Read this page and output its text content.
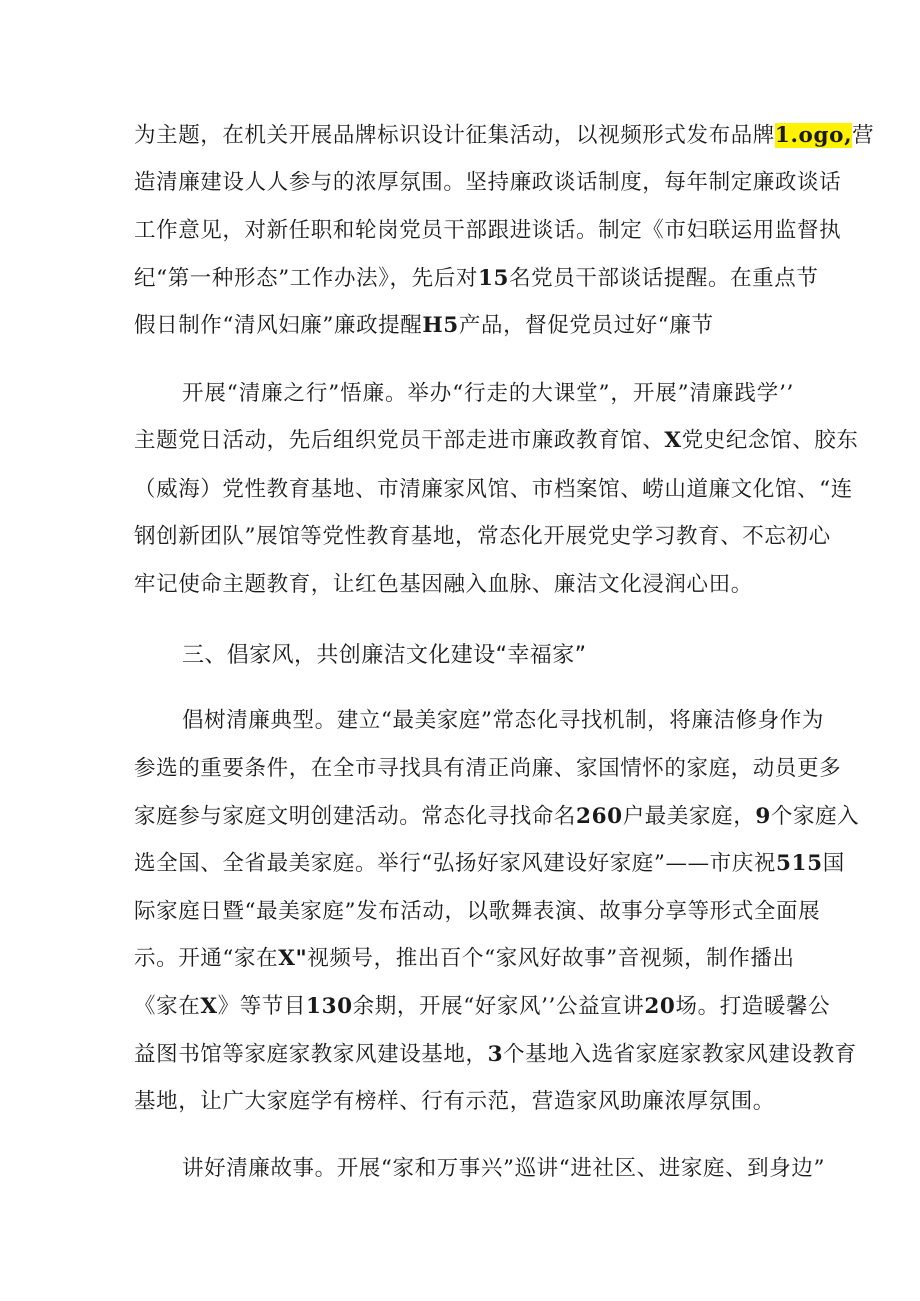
为主题，在机关开展品牌标识设计征集活动，以视频形式发布品牌1.ogo,营
造清廉建设人人参与的浓厚氛围。坚持廉政谈话制度，每年制定廉政谈话
工作意见，对新任职和轮岗党员干部跟进谈话。制定《市妇联运用监督执
纪“第一种形态”工作办法》，先后对15名党员干部谈话提醒。在重点节
假日制作“清风妇廉”廉政提醒H5产品，督促党员过好“廉节
开展“清廉之行”悟廉。举办“行走的大课堂”，开展”清廉践学’’
主题党日活动，先后组织党员干部走进市廉政教育馆、X党史纪念馆、胶东
（威海）党性教育基地、市清廉家风馆、市档案馆、崂山道廉文化馆、“连
钢创新团队”展馆等党性教育基地，常态化开展党史学习教育、不忘初心
牢记使命主题教育，让红色基因融入血脉、廉洁文化浸润心田。
三、倡家风，共创廉洁文化建设“幸福家”
倡树清廉典型。建立“最美家庭”常态化寻找机制，将廉洁修身作为
参选的重要条件，在全市寻找具有清正尚廉、家国情怀的家庭，动员更多
家庭参与家庭文明创建活动。常态化寻找命名260户最美家庭，9个家庭入
选全国、全省最美家庭。举行“弘扬好家风建设好家庭”——市庆祝515国
际家庭日暨“最美家庭”发布活动，以歌舞表演、故事分享等形式全面展
示。开通“家在X"视频号，推出百个“家风好故事”音视频，制作播出
《家在X》等节目130余期，开展“好家风’’公益宣讲20场。打造暖馨公
益图书馆等家庭家教家风建设基地，3个基地入选省家庭家教家风建设教育
基地，让广大家庭学有榜样、行有示范，营造家风助廉浓厚氛围。
讲好清廉故事。开展“家和万事兴”巡讲“进社区、进家庭、到身边”
